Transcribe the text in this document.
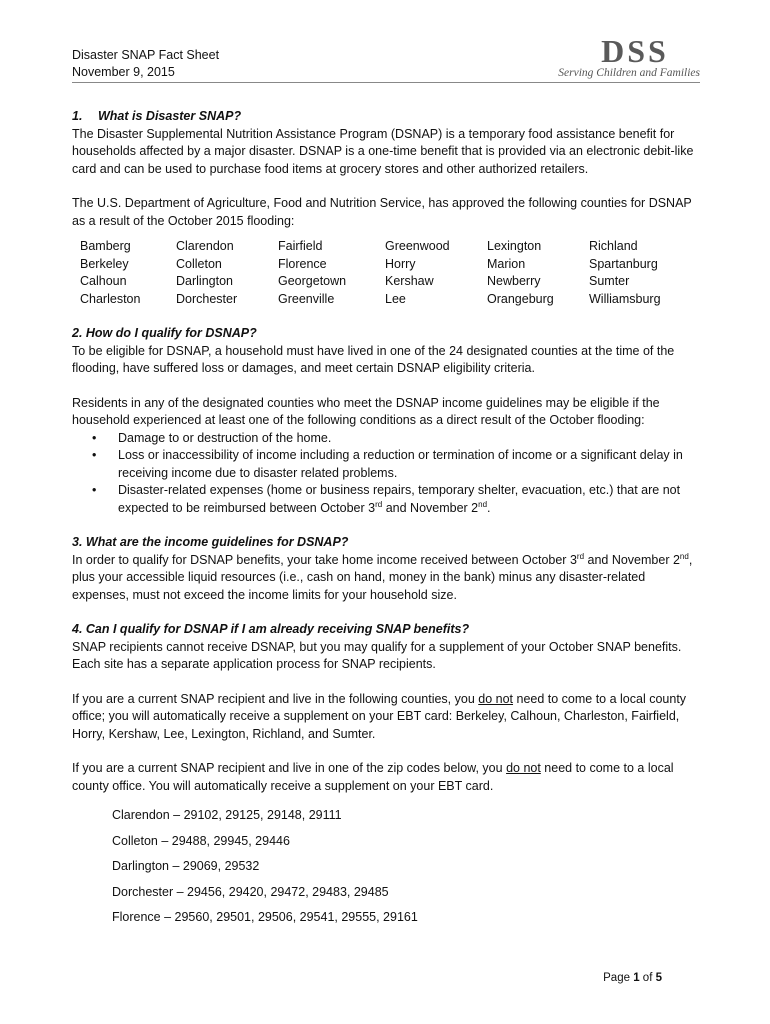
Disaster SNAP Fact Sheet
November 9, 2015
DSS
Serving Children and Families
1. What is Disaster SNAP?

The Disaster Supplemental Nutrition Assistance Program (DSNAP) is a temporary food assistance benefit for households affected by a major disaster. DSNAP is a one-time benefit that is provided via an electronic debit-like card and can be used to purchase food items at grocery stores and other authorized retailers.

The U.S. Department of Agriculture, Food and Nutrition Service, has approved the following counties for DSNAP as a result of the October 2015 flooding:

Bamberg	Clarendon	Fairfield	Greenwood	Lexington	Richland
Berkeley	Colleton	Florence	Horry	Marion	Spartanburg
Calhoun	Darlington	Georgetown	Kershaw	Newberry	Sumter
Charleston	Dorchester	Greenville	Lee	Orangeburg	Williamsburg
2. How do I qualify for DSNAP?

To be eligible for DSNAP, a household must have lived in one of the 24 designated counties at the time of the flooding, have suffered loss or damages, and meet certain DSNAP eligibility criteria.

Residents in any of the designated counties who meet the DSNAP income guidelines may be eligible if the household experienced at least one of the following conditions as a direct result of the October flooding:

• Damage to or destruction of the home.
• Loss or inaccessibility of income including a reduction or termination of income or a significant delay in receiving income due to disaster related problems.
• Disaster-related expenses (home or business repairs, temporary shelter, evacuation, etc.) that are not expected to be reimbursed between October 3rd and November 2nd.
3. What are the income guidelines for DSNAP?

In order to qualify for DSNAP benefits, your take home income received between October 3rd and November 2nd, plus your accessible liquid resources (i.e., cash on hand, money in the bank) minus any disaster-related expenses, must not exceed the income limits for your household size.

4. Can I qualify for DSNAP if I am already receiving SNAP benefits?

SNAP recipients cannot receive DSNAP, but you may qualify for a supplement of your October SNAP benefits. Each site has a separate application process for SNAP recipients.

If you are a current SNAP recipient and live in the following counties, you do not need to come to a local county office; you will automatically receive a supplement on your EBT card: Berkeley, Calhoun, Charleston, Fairfield, Horry, Kershaw, Lee, Lexington, Richland, and Sumter.

If you are a current SNAP recipient and live in one of the zip codes below, you do not need to come to a local county office. You will automatically receive a supplement on your EBT card.

Clarendon – 29102, 29125, 29148, 29111
Colleton – 29488, 29945, 29446
Darlington – 29069, 29532
Dorchester – 29456, 29420, 29472, 29483, 29485
Florence – 29560, 29501, 29506, 29541, 29555, 29161
Page 1 of 5
